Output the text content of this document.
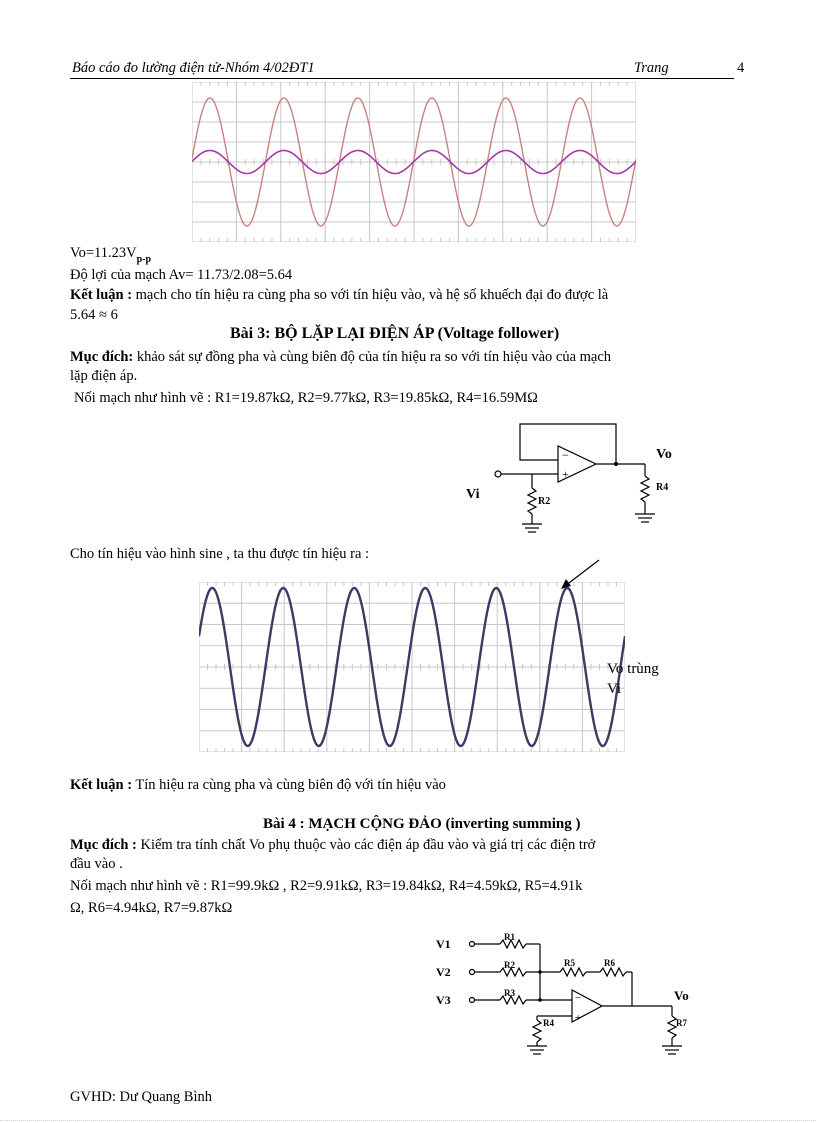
Báo cáo đo lường điện tử-Nhóm 4/02ĐT1	Trang	4
$Vo=11.23V_{p-p}$
Độ lợi của mạch Av= 11.73/2.08=5.64
Kết luận : mạch cho tín hiệu ra cùng pha so với tín hiệu vào, và hệ số khuếch đại đo được là
5.64 ≈ 6
Bài 3: BỘ LẶP LẠI ĐIỆN ÁP (Voltage follower)
Mục đích: khảo sát sự đồng pha và cùng biên độ của tín hiệu ra so với tín hiệu vào của mạch
lặp điện áp.
Nối mạch như hình vẽ : R1=19.87kΩ, R2=9.77kΩ, R3=19.85kΩ, R4=16.59MΩ
−
+
Vo
R4
Vi	R2
Cho tín hiệu vào hình sine , ta thu được tín hiệu ra :
Vo trùng
Vi
Kết luận : Tín hiệu ra cùng pha và cùng biên độ với tín hiệu vào
Bài 4 : MẠCH CỘNG ĐẢO (inverting summing )
Mục đích : Kiểm tra tính chất Vo phụ thuộc vào các điện áp đầu vào và giá trị các điện trở
đầu vào .
Nối mạch như hình vẽ : R1=99.9kΩ , R2=9.91kΩ, R3=19.84kΩ, R4=4.59kΩ, R5=4.91k
Ω, R6=4.94kΩ, R7=9.87kΩ
−
+
V1
V2
V3
R1
R2
R3
R5	R6
R4	R7
Vo
GVHD: Dư Quang Bình
